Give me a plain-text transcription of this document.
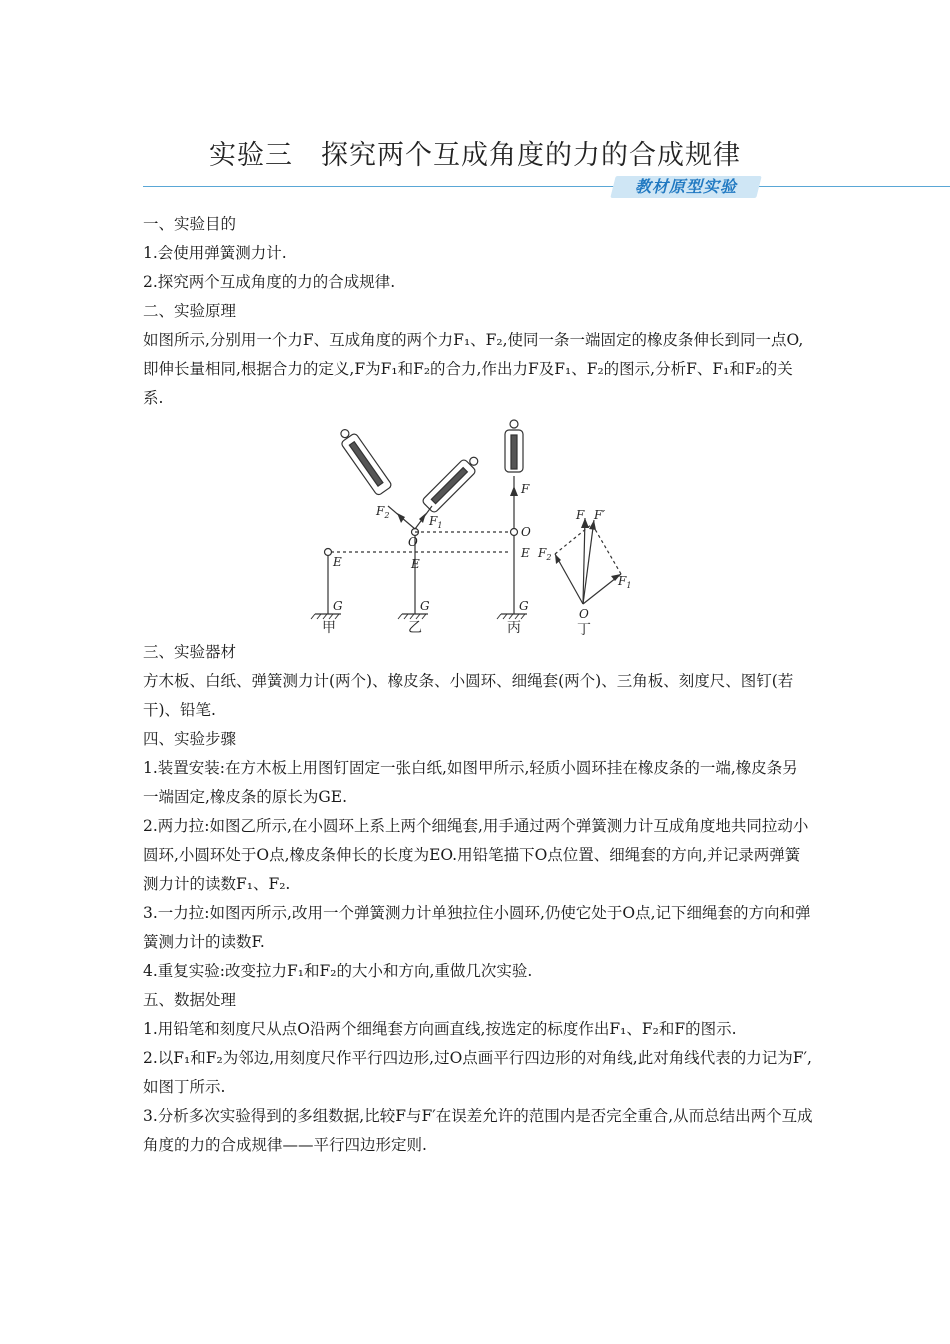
实验三　探究两个互成角度的力的合成规律
教材原型实验

一、实验目的

1.会使用弹簧测力计.

2.探究两个互成角度的力的合成规律.

二、实验原理

如图所示,分别用一个力F、互成角度的两个力F₁、F₂,使同一条一端固定的橡皮条伸长到同一点O,即伸长量相同,根据合力的定义,F为F₁和F₂的合力,作出力F及F₁、F₂的图示,分析F、F₁和F₂的关系.

E
G
甲
O
E
G
$F_2$	$F_1$
乙
F
O
E
G
丙
F F′
$F_2$
$F_1$
O
丁

三、实验器材

方木板、白纸、弹簧测力计(两个)、橡皮条、小圆环、细绳套(两个)、三角板、刻度尺、图钉(若干)、铅笔.

四、实验步骤

1.装置安装:在方木板上用图钉固定一张白纸,如图甲所示,轻质小圆环挂在橡皮条的一端,橡皮条另一端固定,橡皮条的原长为GE.

2.两力拉:如图乙所示,在小圆环上系上两个细绳套,用手通过两个弹簧测力计互成角度地共同拉动小圆环,小圆环处于O点,橡皮条伸长的长度为EO.用铅笔描下O点位置、细绳套的方向,并记录两弹簧测力计的读数F₁、F₂.

3.一力拉:如图丙所示,改用一个弹簧测力计单独拉住小圆环,仍使它处于O点,记下细绳套的方向和弹簧测力计的读数F.

4.重复实验:改变拉力F₁和F₂的大小和方向,重做几次实验.

五、数据处理

1.用铅笔和刻度尺从点O沿两个细绳套方向画直线,按选定的标度作出F₁、F₂和F的图示.

2.以F₁和F₂为邻边,用刻度尺作平行四边形,过O点画平行四边形的对角线,此对角线代表的力记为F′,如图丁所示.

3.分析多次实验得到的多组数据,比较F与F′在误差允许的范围内是否完全重合,从而总结出两个互成角度的力的合成规律——平行四边形定则.
